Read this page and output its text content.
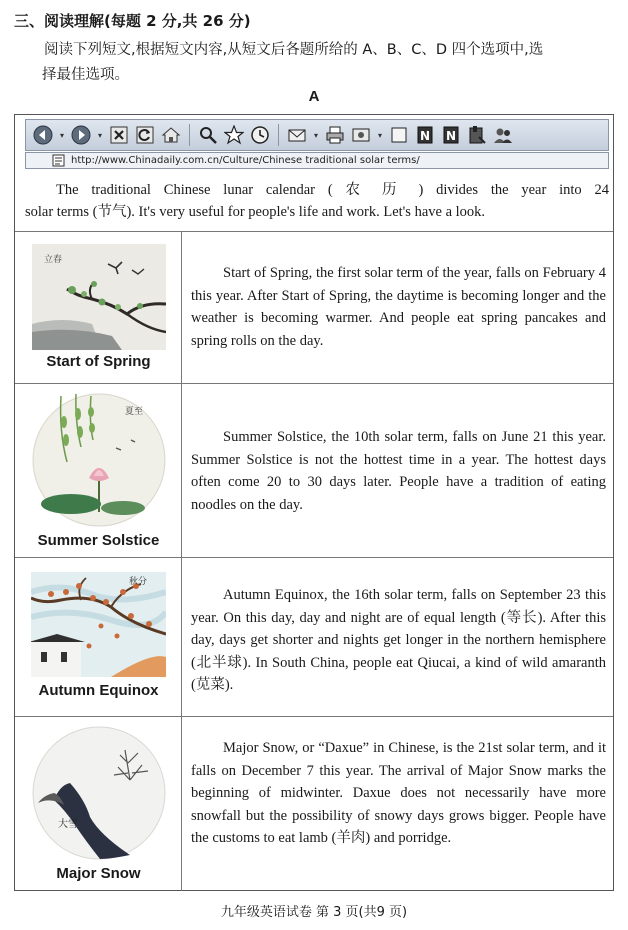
三、阅读理解(每题 2 分,共 26 分)
阅读下列短文,根据短文内容,从短文后各题所给的 A、B、C、D 四个选项中,选
择最佳选项。
A
▾	▾	▾	▾	N N
http://www.Chinadaily.com.cn/Culture/Chinese traditional solar terms/
The traditional Chinese lunar calendar ( 农 历 ) divides the year into 24
solar terms (节气). It's very useful for people's life and work. Let's have a look.
立春
Start of Spring

Start of Spring, the first solar term of the year, falls on February 4 this year. After Start of Spring, the daytime is becoming longer and the weather is becoming warmer. And people eat spring pancakes and spring rolls on the day.

夏至
Summer Solstice

Summer Solstice, the 10th solar term, falls on June 21 this year. Summer Solstice is not the hottest time in a year. The hottest days often come 20 to 30 days later. People have a tradition of eating noodles on the day.

秋分
Autumn Equinox

Autumn Equinox, the 16th solar term, falls on September 23 this year. On this day, day and night are of equal length (等长). After this day, days get shorter and nights get longer in the northern hemisphere (北半球). In South China, people eat Qiucai, a kind of wild amaranth (苋菜).

大雪
Major Snow

Major Snow, or “Daxue” in Chinese, is the 21st solar term, and it falls on December 7 this year. The arrival of Major Snow marks the beginning of midwinter. Daxue does not necessarily have more snowfall but the possibility of snowy days grows bigger. People have the customs to eat lamb (羊肉) and porridge.

九年级英语试卷 第 3 页(共9 页)
